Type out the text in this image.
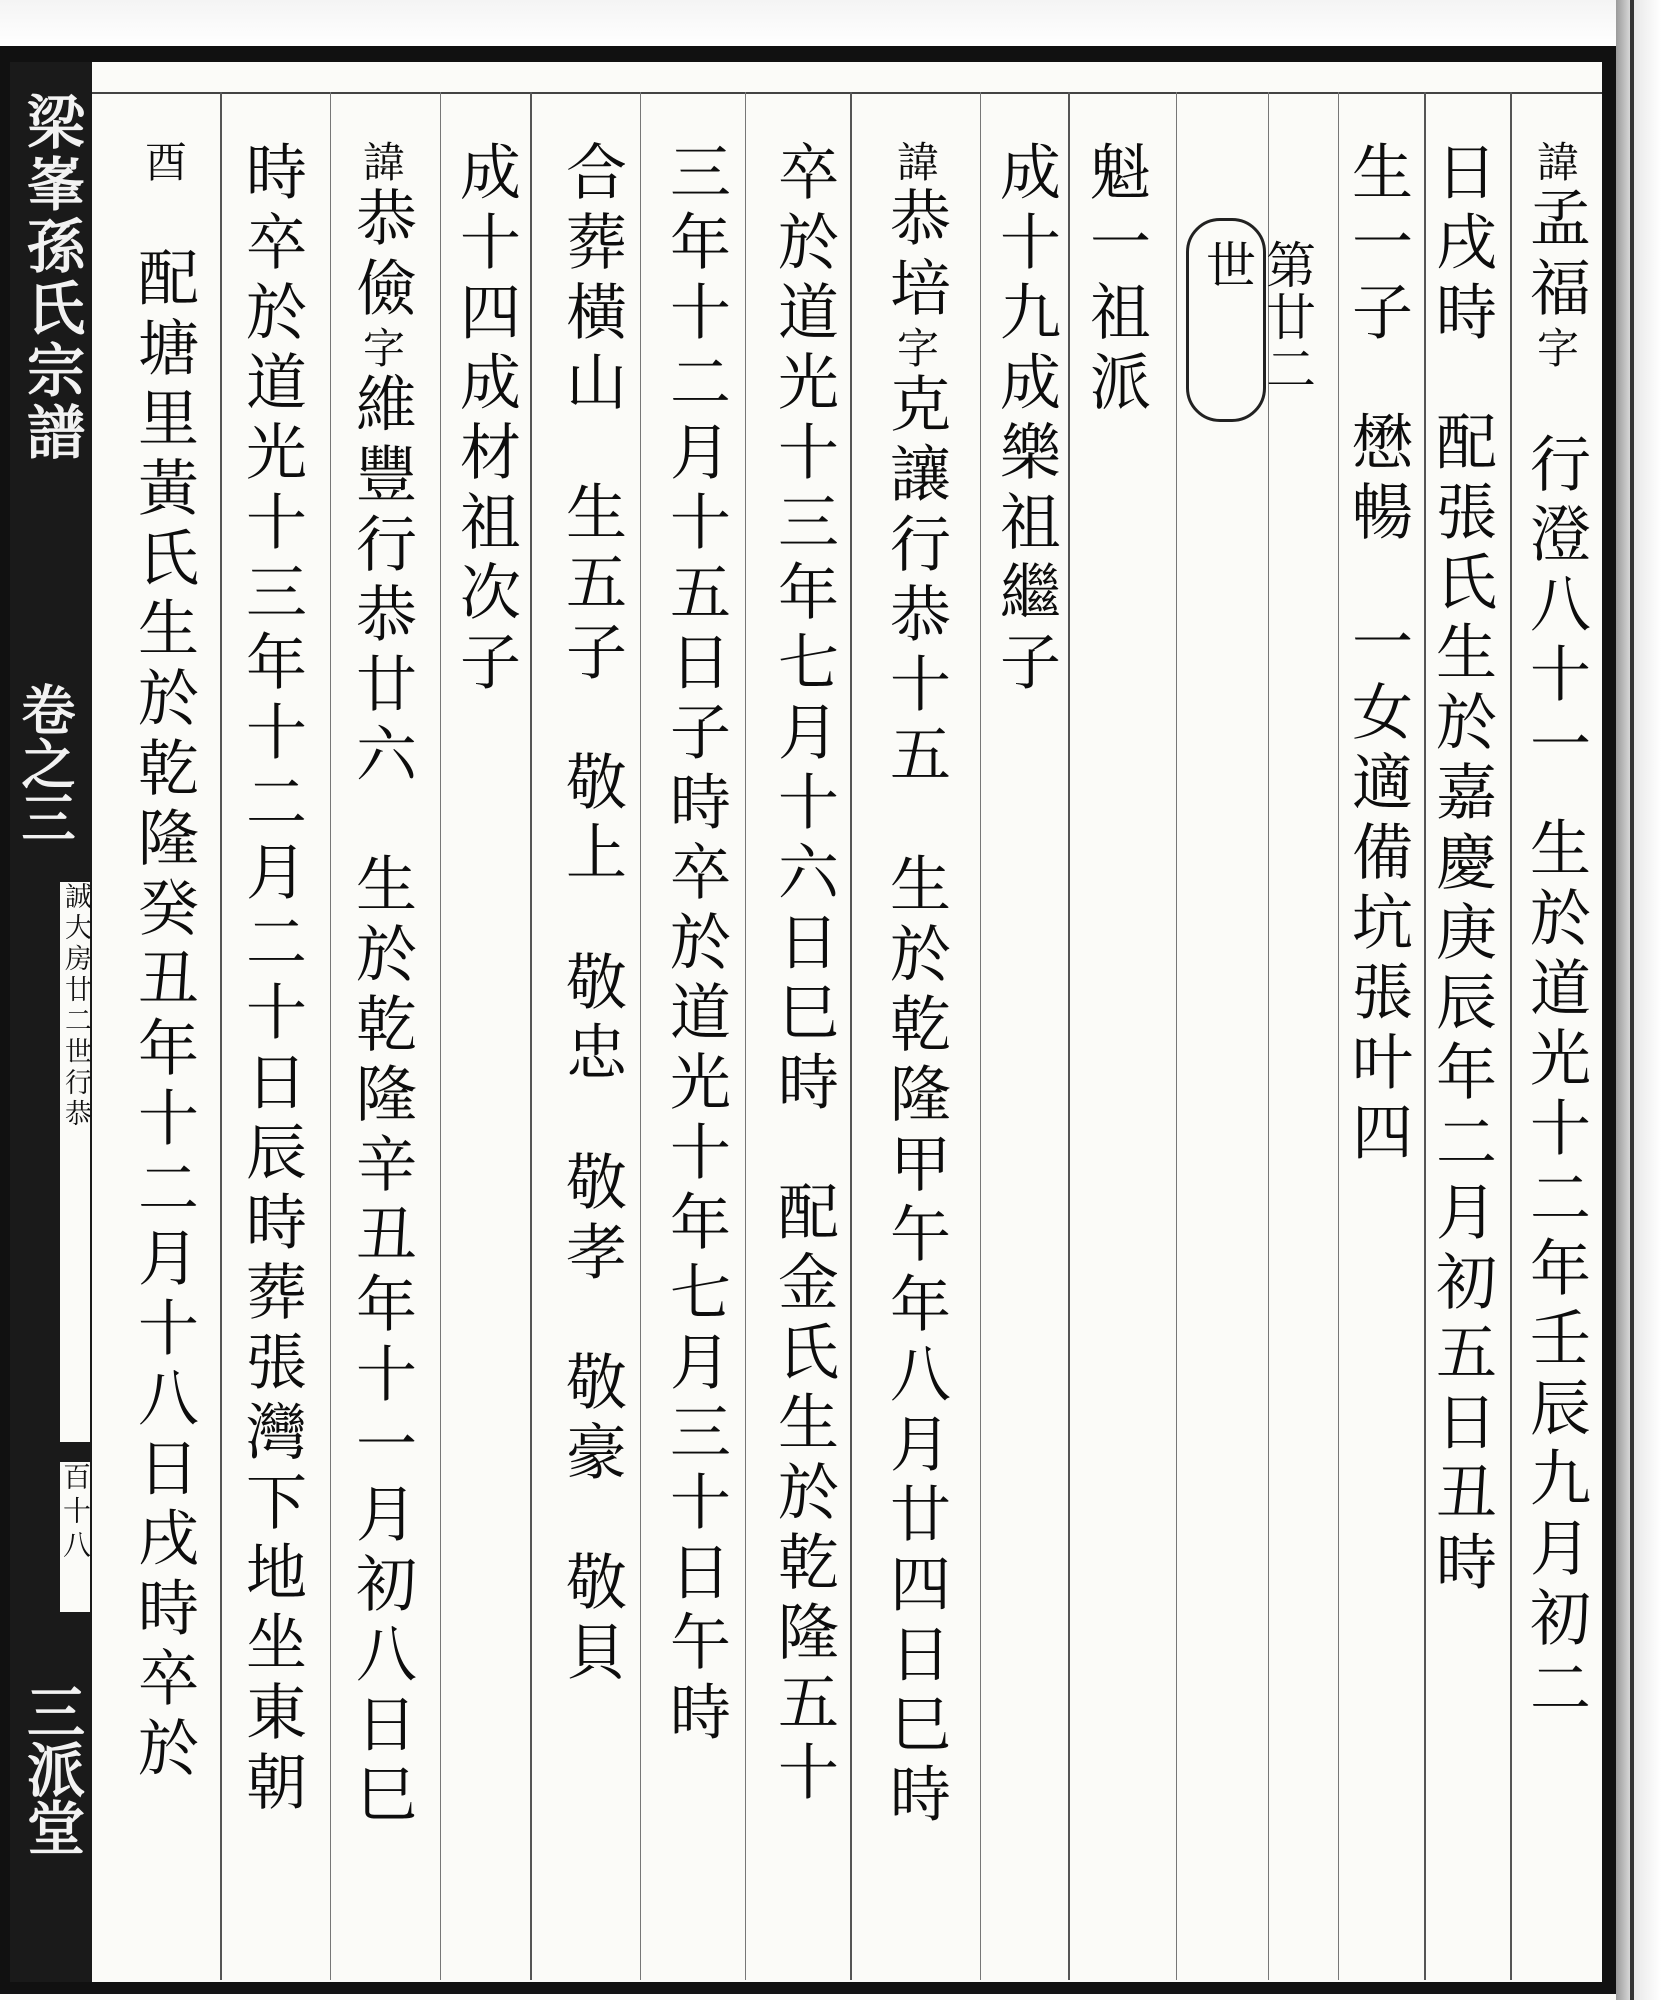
梁峯孫氏宗譜
卷之三
誠大房廿二世行恭
百十八
三派堂
諱孟福字行澄八十一生於道光十二年壬辰九月初二
日戌時配張氏生於嘉慶庚辰年二月初五日丑時
生一子懋暢一女適備坑張叶四
第廿二世
魁一祖派
成十九成樂祖繼子
諱恭培字克讓行恭十五生於乾隆甲午年八月廿四日巳時
卒於道光十三年七月十六日巳時配金氏生於乾隆五十
三年十二月十五日子時卒於道光十年七月三十日午時
合葬橫山生五子敬上敬忠敬孝敬豪敬貝
成十四成材祖次子
諱恭儉字維豐行恭廿六生於乾隆辛丑年十一月初八日巳
時卒於道光十三年十二月二十日辰時葬張灣下地坐東朝
酉配塘里黃氏生於乾隆癸丑年十二月十八日戌時卒於
